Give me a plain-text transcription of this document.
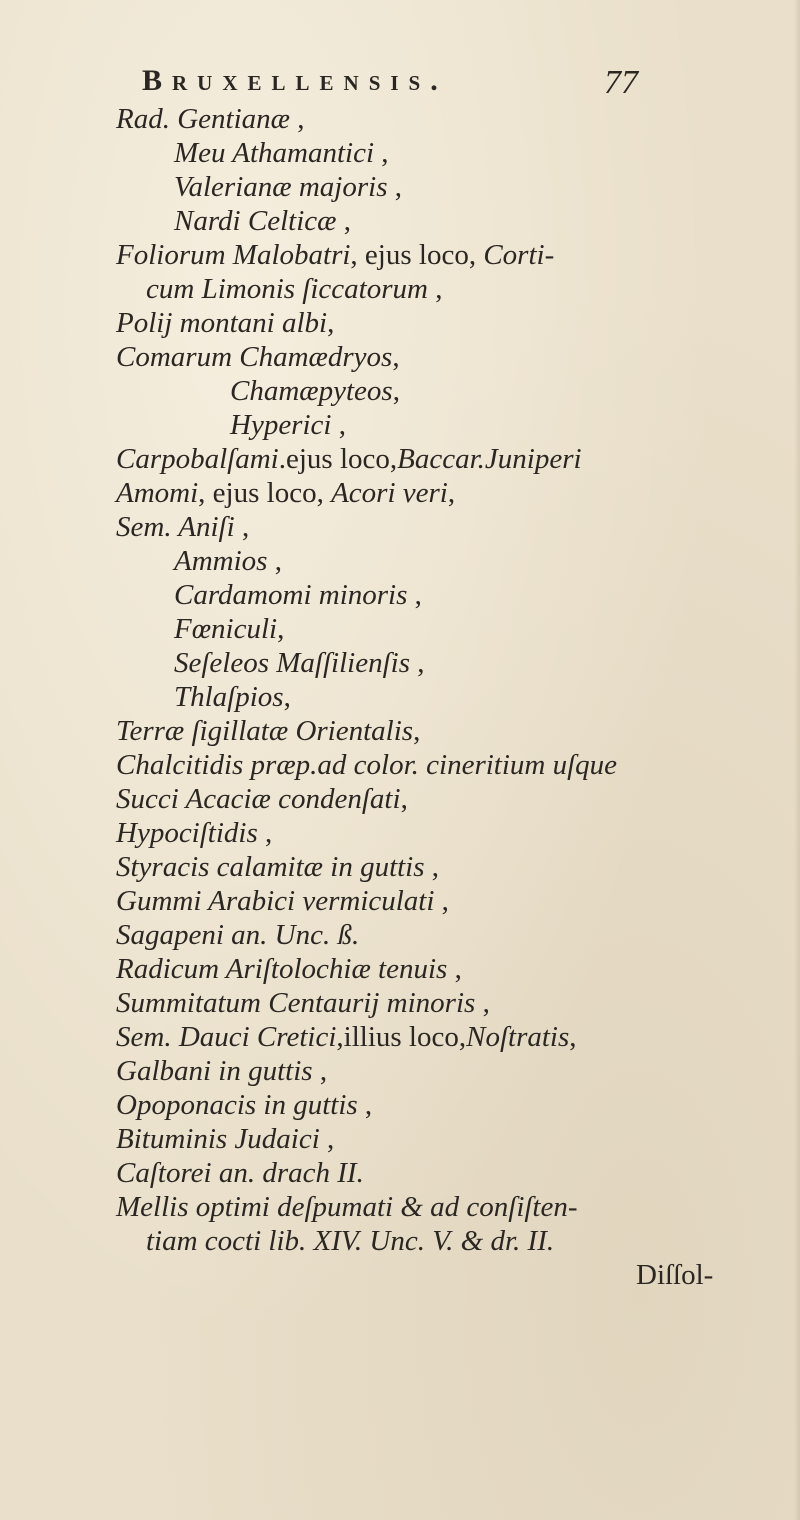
Bruxellensis.	77
Rad. Gentianæ ,
Meu Athamantici ,
Valerianæ majoris ,
Nardi Celticæ ,
Foliorum Malobatri, ejus loco, Corti-
cum Limonis ſiccatorum ,
Polij montani albi,
Comarum Chamædryos,
Chamæpyteos,
Hyperici ,
Carpobalſami.ejus loco,Baccar.Juniperi
Amomi, ejus loco, Acori veri,
Sem. Aniſi ,
Ammios ,
Cardamomi minoris ,
Fœniculi,
Seſeleos Maſſilienſis ,
Thlaſpios,
Terræ ſigillatæ Orientalis,
Chalcitidis præp.ad color. cineritium uſque
Succi Acaciæ condenſati,
Hypociſtidis ,
Styracis calamitæ in guttis ,
Gummi Arabici vermiculati ,
Sagapeni an. Unc. ß.
Radicum Ariſtolochiæ tenuis ,
Summitatum Centaurij minoris ,
Sem. Dauci Cretici,illius loco,Noſtratis,
Galbani in guttis ,
Opoponacis in guttis ,
Bituminis Judaici ,
Caſtorei an. drach II.
Mellis optimi deſpumati & ad conſiſten-
tiam cocti lib. XIV. Unc. V. & dr. II.
Diſſol-
